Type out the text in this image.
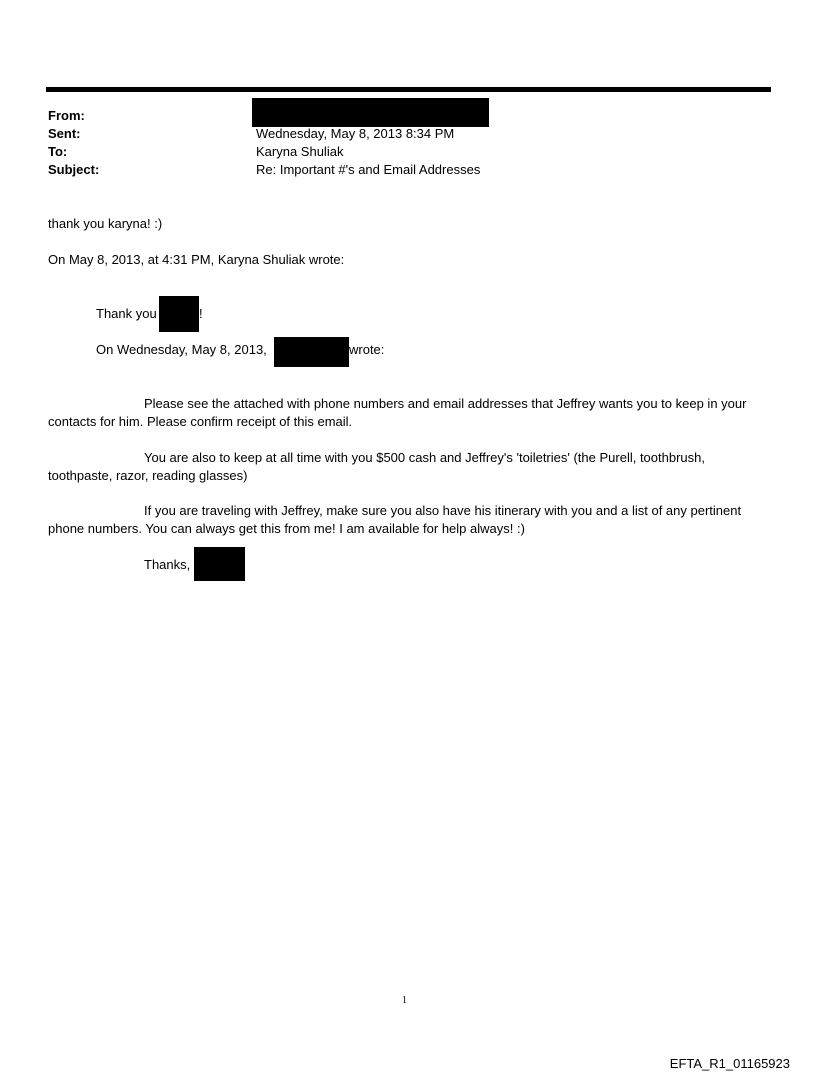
From:
Sent:
To:
Subject:
Wednesday, May 8, 2013 8:34 PM
Karyna Shuliak
Re: Important #'s and Email Addresses
thank you karyna! :)
On May 8, 2013, at 4:31 PM, Karyna Shuliak wrote:
Thank you	!
On Wednesday, May 8, 2013,	wrote:
Please see the attached with phone numbers and email addresses that Jeffrey wants you to keep in your
contacts for him. Please confirm receipt of this email.
You are also to keep at all time with you $500 cash and Jeffrey's 'toiletries' (the Purell, toothbrush,
toothpaste, razor, reading glasses)
If you are traveling with Jeffrey, make sure you also have his itinerary with you and a list of any pertinent
phone numbers. You can always get this from me! I am available for help always! :)
Thanks,
1
EFTA_R1_01165923
